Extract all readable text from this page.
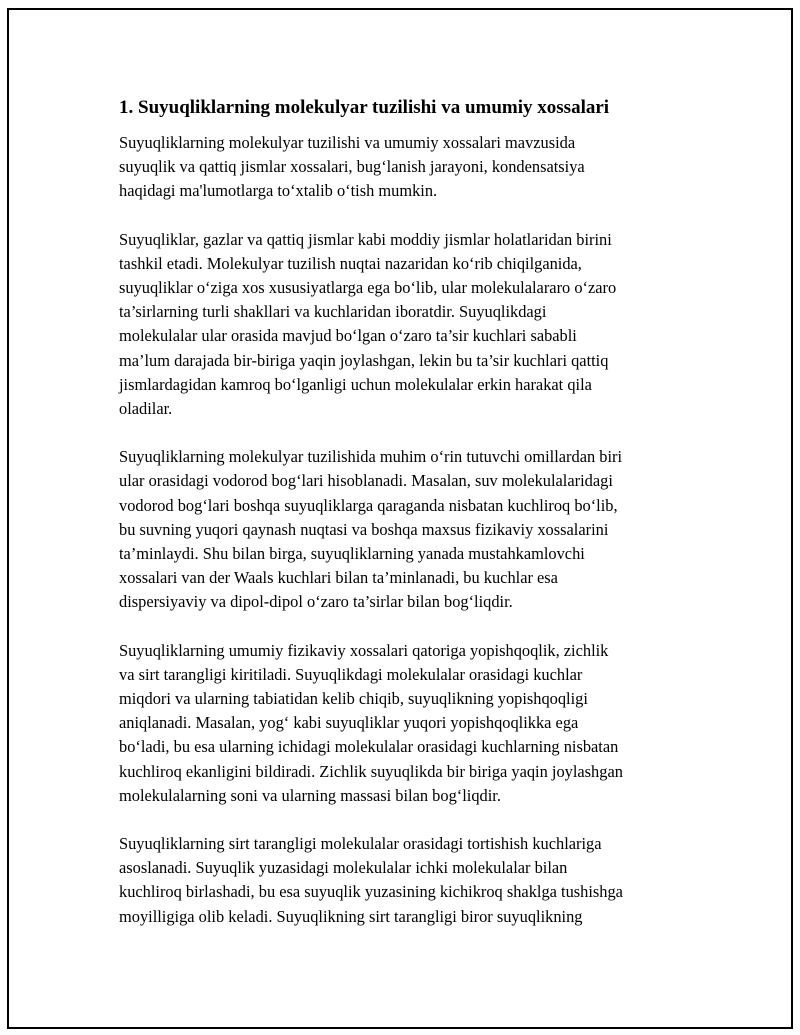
1. Suyuqliklarning molekulyar tuzilishi va umumiy xossalari

Suyuqliklarning molekulyar tuzilishi va umumiy xossalari mavzusida
suyuqlik va qattiq jismlar xossalari, bug‘lanish jarayoni, kondensatsiya
haqidagi ma'lumotlarga to‘xtalib o‘tish mumkin.

Suyuqliklar, gazlar va qattiq jismlar kabi moddiy jismlar holatlaridan birini
tashkil etadi. Molekulyar tuzilish nuqtai nazaridan ko‘rib chiqilganida,
suyuqliklar o‘ziga xos xususiyatlarga ega bo‘lib, ular molekulalararo o‘zaro
ta’sirlarning turli shakllari va kuchlaridan iboratdir. Suyuqlikdagi
molekulalar ular orasida mavjud bo‘lgan o‘zaro ta’sir kuchlari sababli
ma’lum darajada bir-biriga yaqin joylashgan, lekin bu ta’sir kuchlari qattiq
jismlardagidan kamroq bo‘lganligi uchun molekulalar erkin harakat qila
oladilar.

Suyuqliklarning molekulyar tuzilishida muhim o‘rin tutuvchi omillardan biri
ular orasidagi vodorod bog‘lari hisoblanadi. Masalan, suv molekulalaridagi
vodorod bog‘lari boshqa suyuqliklarga qaraganda nisbatan kuchliroq bo‘lib,
bu suvning yuqori qaynash nuqtasi va boshqa maxsus fizikaviy xossalarini
ta’minlaydi. Shu bilan birga, suyuqliklarning yanada mustahkamlovchi
xossalari van der Waals kuchlari bilan ta’minlanadi, bu kuchlar esa
dispersiyaviy va dipol-dipol o‘zaro ta’sirlar bilan bog‘liqdir.

Suyuqliklarning umumiy fizikaviy xossalari qatoriga yopishqoqlik, zichlik
va sirt tarangligi kiritiladi. Suyuqlikdagi molekulalar orasidagi kuchlar
miqdori va ularning tabiatidan kelib chiqib, suyuqlikning yopishqoqligi
aniqlanadi. Masalan, yog‘ kabi suyuqliklar yuqori yopishqoqlikka ega
bo‘ladi, bu esa ularning ichidagi molekulalar orasidagi kuchlarning nisbatan
kuchliroq ekanligini bildiradi. Zichlik suyuqlikda bir biriga yaqin joylashgan
molekulalarning soni va ularning massasi bilan bog‘liqdir.

Suyuqliklarning sirt tarangligi molekulalar orasidagi tortishish kuchlariga
asoslanadi. Suyuqlik yuzasidagi molekulalar ichki molekulalar bilan
kuchliroq birlashadi, bu esa suyuqlik yuzasining kichikroq shaklga tushishga
moyilligiga olib keladi. Suyuqlikning sirt tarangligi biror suyuqlikning
